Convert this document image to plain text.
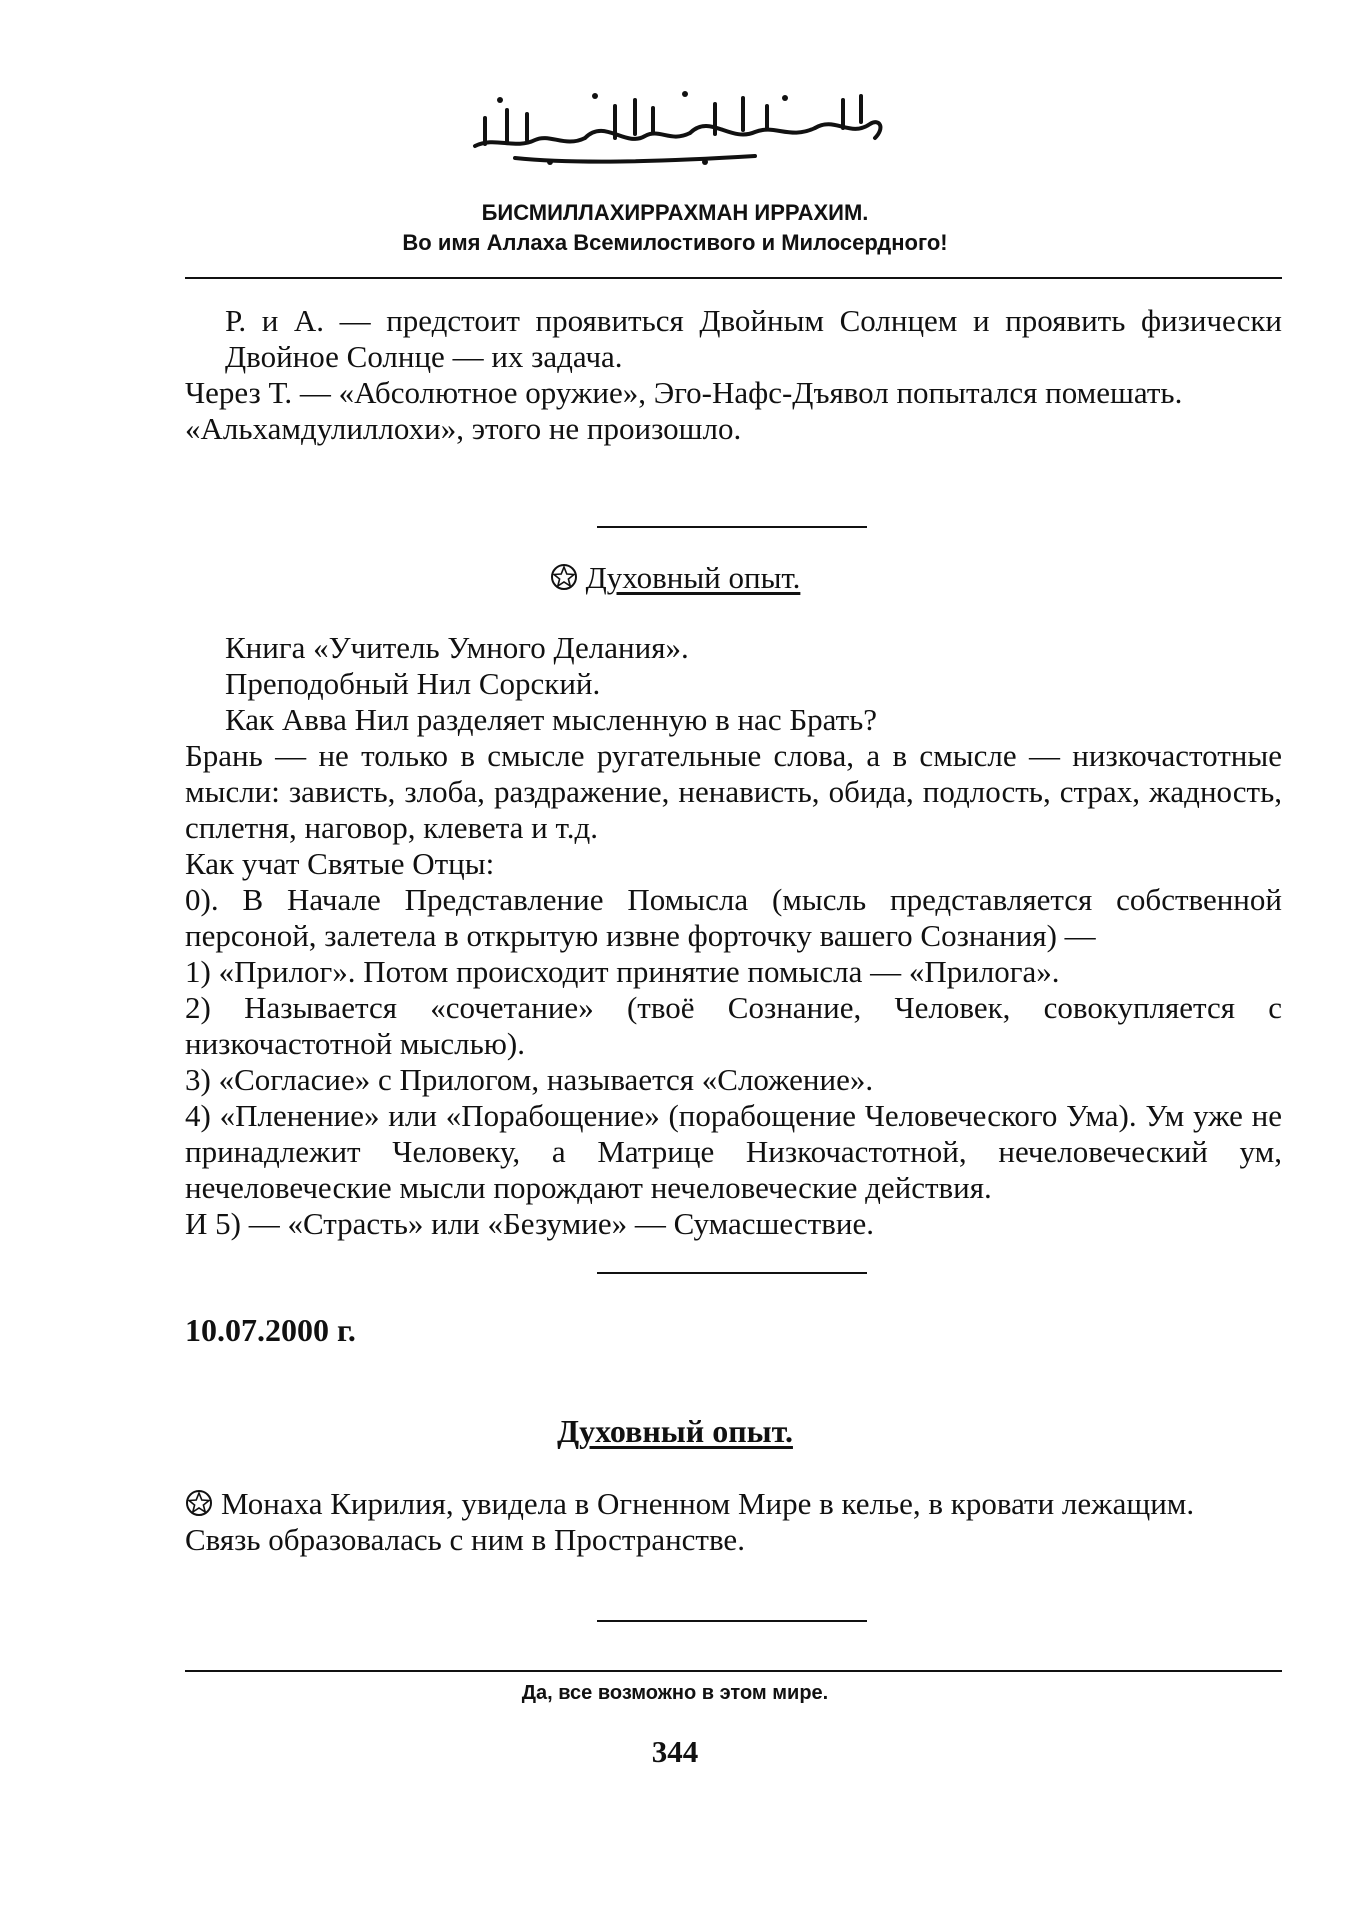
БИСМИЛЛАХИРРАХМАН ИРРАХИМ.
Во имя Аллаха Всемилостивого и Милосердного!

Р. и А. — предстоит проявиться Двойным Солнцем и проявить физически Двойное Солнце — их задача.

Через Т. — «Абсолютное оружие», Эго-Нафс-Дъявол попытался помешать.

«Альхамдулиллохи», этого не произошло.

Духовный опыт.

Книга «Учитель Умного Делания».

Преподобный Нил Сорский.

Как Авва Нил разделяет мысленную в нас Брать?

Брань — не только в смысле ругательные слова, а в смысле — низкочастотные мысли: зависть, злоба, раздражение, ненависть, обида, подлость, страх, жадность, сплетня, наговор, клевета и т.д.

Как учат Святые Отцы:

0). В Начале Представление Помысла (мысль представляется собственной персоной, залетела в открытую извне форточку вашего Сознания) —

1) «Прилог». Потом происходит принятие помысла — «Прилога».

2) Называется «сочетание» (твоё Сознание, Человек, совокупляется с низкочастотной мыслью).

3) «Согласие» с Прилогом, называется «Сложение».

4) «Пленение» или «Порабощение» (порабощение Человеческого Ума). Ум уже не принадлежит Человеку, а Матрице Низкочастотной, нечеловеческий ум, нечеловеческие мысли порождают нечеловеческие действия.

И 5) — «Страсть» или «Безумие» — Сумасшествие.

10.07.2000 г.
Духовный опыт.

Монаха Кирилия, увидела в Огненном Мире в келье, в кровати лежащим.

Связь образовалась с ним в Пространстве.

Да, все возможно в этом мире.
344
